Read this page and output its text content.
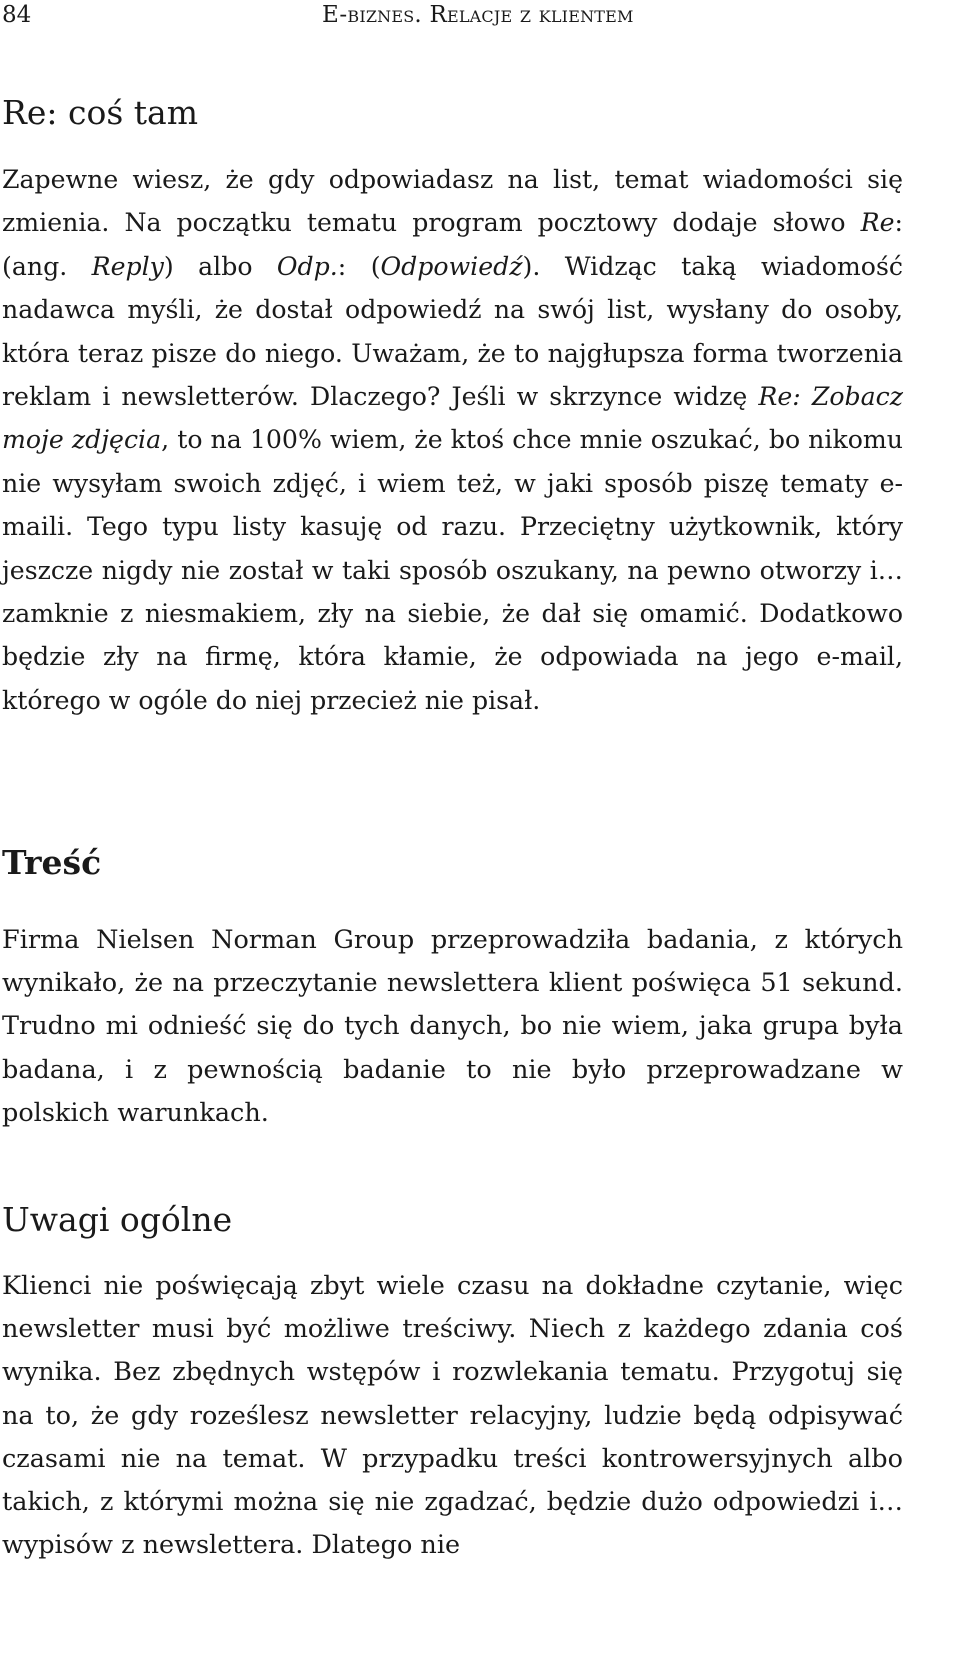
84	E-biznes. Relacje z klientem
Re: coś tam

Zapewne wiesz, że gdy odpowiadasz na list, temat wiadomości się zmienia. Na początku tematu program pocztowy dodaje słowo Re: (ang. Reply) albo Odp.: (Odpowiedź). Widząc taką wiadomość nadawca myśli, że dostał odpowiedź na swój list, wysłany do osoby, która teraz pisze do niego. Uważam, że to najgłupsza forma tworzenia reklam i newsletterów. Dlaczego? Jeśli w skrzynce widzę Re: Zobacz moje zdjęcia, to na 100% wiem, że ktoś chce mnie oszukać, bo nikomu nie wysyłam swoich zdjęć, i wiem też, w jaki sposób piszę tematy e-maili. Tego typu listy kasuję od razu. Przeciętny użytkownik, który jeszcze nigdy nie został w taki sposób oszukany, na pewno otworzy i… zamknie z niesmakiem, zły na siebie, że dał się omamić. Dodatkowo będzie zły na firmę, która kłamie, że odpowiada na jego e-mail, którego w ogóle do niej przecież nie pisał.

Treść

Firma Nielsen Norman Group przeprowadziła badania, z których wynikało, że na przeczytanie newslettera klient poświęca 51 sekund. Trudno mi odnieść się do tych danych, bo nie wiem, jaka grupa była badana, i z pewnością badanie to nie było przeprowadzane w polskich warunkach.

Uwagi ogólne

Klienci nie poświęcają zbyt wiele czasu na dokładne czytanie, więc newsletter musi być możliwe treściwy. Niech z każdego zdania coś wynika. Bez zbędnych wstępów i rozwlekania tematu. Przygotuj się na to, że gdy roześlesz newsletter relacyjny, ludzie będą odpisywać czasami nie na temat. W przypadku treści kontrowersyjnych albo takich, z którymi można się nie zgadzać, będzie dużo odpowiedzi i… wypisów z newslettera. Dlatego nie
